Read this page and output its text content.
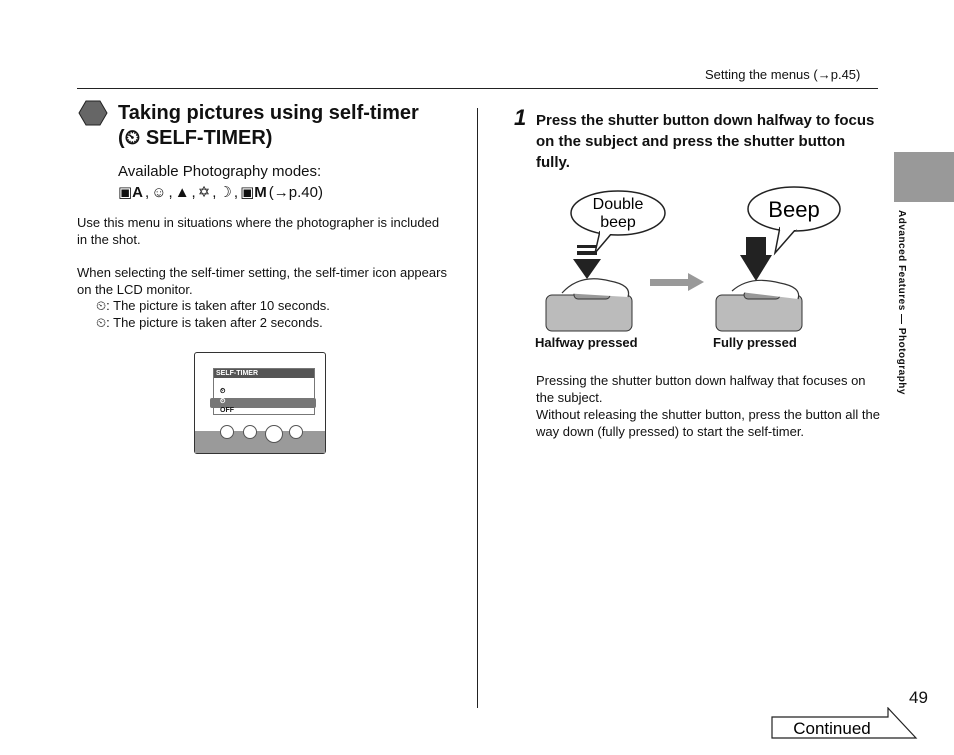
Setting the menus (→p.45)
Taking pictures using self-timer
(⏲ SELF-TIMER)
Available Photography modes:
▣A , ☺ , ▲ , ✡ , ☽ , ▣M (→p.40)
Use this menu in situations where the photographer is included in the shot.
When selecting the self-timer setting, the self-timer icon appears on the LCD monitor.
⏲: The picture is taken after 10 seconds.
⏲: The picture is taken after 2 seconds.
SELF-TIMER
⏲
⏲
OFF
1 Press the shutter button down halfway to focus on the subject and press the shutter button fully.
Double
beep
Beep
Halfway pressed	Fully pressed
Pressing the shutter button down halfway that focuses on the subject.
Without releasing the shutter button, press the button all the way down (fully pressed) to start the self-timer.
Advanced Features — Photography
49
Continued
